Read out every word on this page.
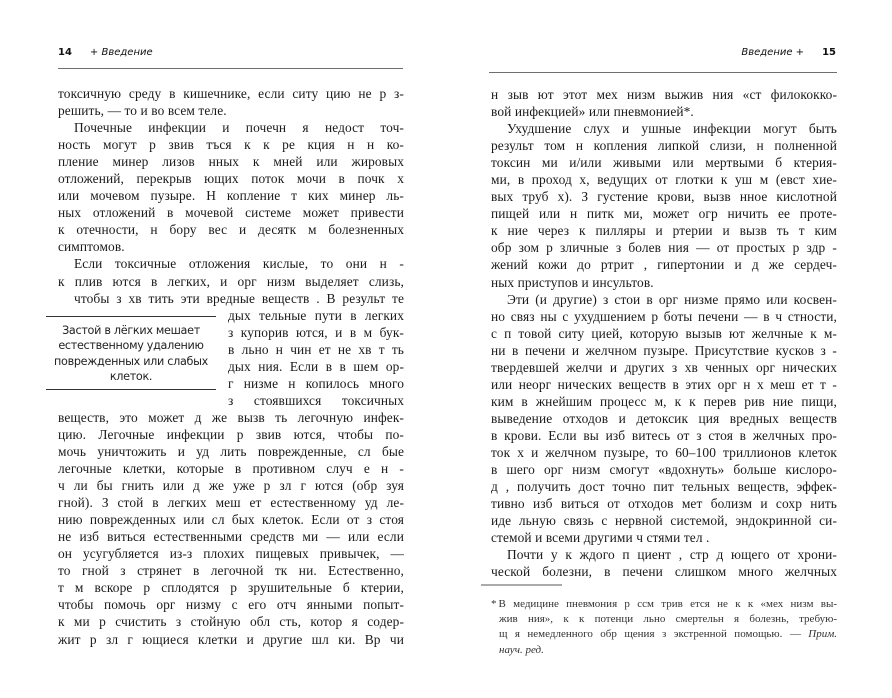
14 + Введение
токсичную среду в кишечнике, если ситу цию не р з-
решить, — то и во всем теле.
Почечные инфекции и почечн я недост точ-
ность могут р звив тъся к к ре кция н н ко-
пление минер лизов нных к мней или жировых
отложений, перекрыв ющих поток мочи в почк х
или мочевом пузыре. Н копление т ких минер ль-
ных отложений в мочевой системе может привести
к отечности, н бору вес и десятк м болезненных
симптомов.
Если токсичные отложения кислые, то они н -
к плив ются в легких, и орг низм выделяет слизь,
чтобы з хв тить эти вредные веществ . В результ те
дых тельные пути в легких
з купорив ются, и в м бук-
в льно н чин ет не хв т ть
дых ния. Если в в шем ор-
г низме н копилось много
з стоявшихся токсичных
веществ, это может д же вызв ть легочную инфек-
цию. Легочные инфекции р звив ются, чтобы по-
мочь уничтожить и уд лить поврежденные, сл бые
легочные клетки, которые в противном случ е н -
ч ли бы гнить или д же уже р зл г ются (обр зуя
гной). З стой в легких меш ет естественному уд ле-
нию поврежденных или сл бых клеток. Если от з стоя
не изб виться естественными средств ми — или если
он усугубляется из-з плохих пищевых привычек, —
то гной з стрянет в легочной тк ни. Естественно,
т м вскоре р сплодятся р зрушительные б ктерии,
чтобы помочь орг низму с его отч янными попыт-
к ми р счистить з стойную обл сть, котор я содер-
жит р зл г ющиеся клетки и другие шл ки. Вр чи
Застой в лёгких мешает
естественному удалению
поврежденных или слабых
клеток.
Введение + 15
н зыв ют этот мех низм выжив ния «ст филококко-
вой инфекцией» или пневмонией*.
Ухудшение слух и ушные инфекции могут быть
результ том н копления липкой слизи, н полненной
токсин ми и/или живыми или мертвыми б ктерия-
ми, в проход х, ведущих от глотки к уш м (евст хие-
вых труб х). З густение крови, вызв нное кислотной
пищей или н питк ми, может огр ничить ее проте-
к ние через к пилляры и ртерии и вызв ть т ким
обр зом р зличные з болев ния — от простых р здр -
жений кожи до ртрит , гипертонии и д же сердеч-
ных приступов и инсультов.
Эти (и другие) з стои в орг низме прямо или косвен-
но связ ны с ухудшением р боты печени — в ч стности,
с п товой ситу цией, которую вызыв ют желчные к м-
ни в печени и желчном пузыре. Присутствие кусков з -
твердевшей желчи и других з хв ченных орг нических
или неорг нических веществ в этих орг н х меш ет т -
ким в жнейшим процесс м, к к перев рив ние пищи,
выведение отходов и детоксик ция вредных веществ
в крови. Если вы изб витесь от з стоя в желчных про-
ток х и желчном пузыре, то 60–100 триллионов клеток
в шего орг низм смогут «вдохнуть» больше кислоро-
д , получить дост точно пит тельных веществ, эффек-
тивно изб виться от отходов мет болизм и сохр нить
иде льную связь с нервной системой, эндокринной си-
стемой и всеми другими ч стями тел .
Почти у к ждого п циент , стр д ющего от хрони-
ческой болезни, в печени слишком много желчных
* В медицине пневмония р ссм трив ется не к к «мех низм вы-
жив ния», к к потенци льно смертельн я болезнь, требую-
щ я немедленного обр щения з экстренной помощью. — Прим.
науч. ред.
